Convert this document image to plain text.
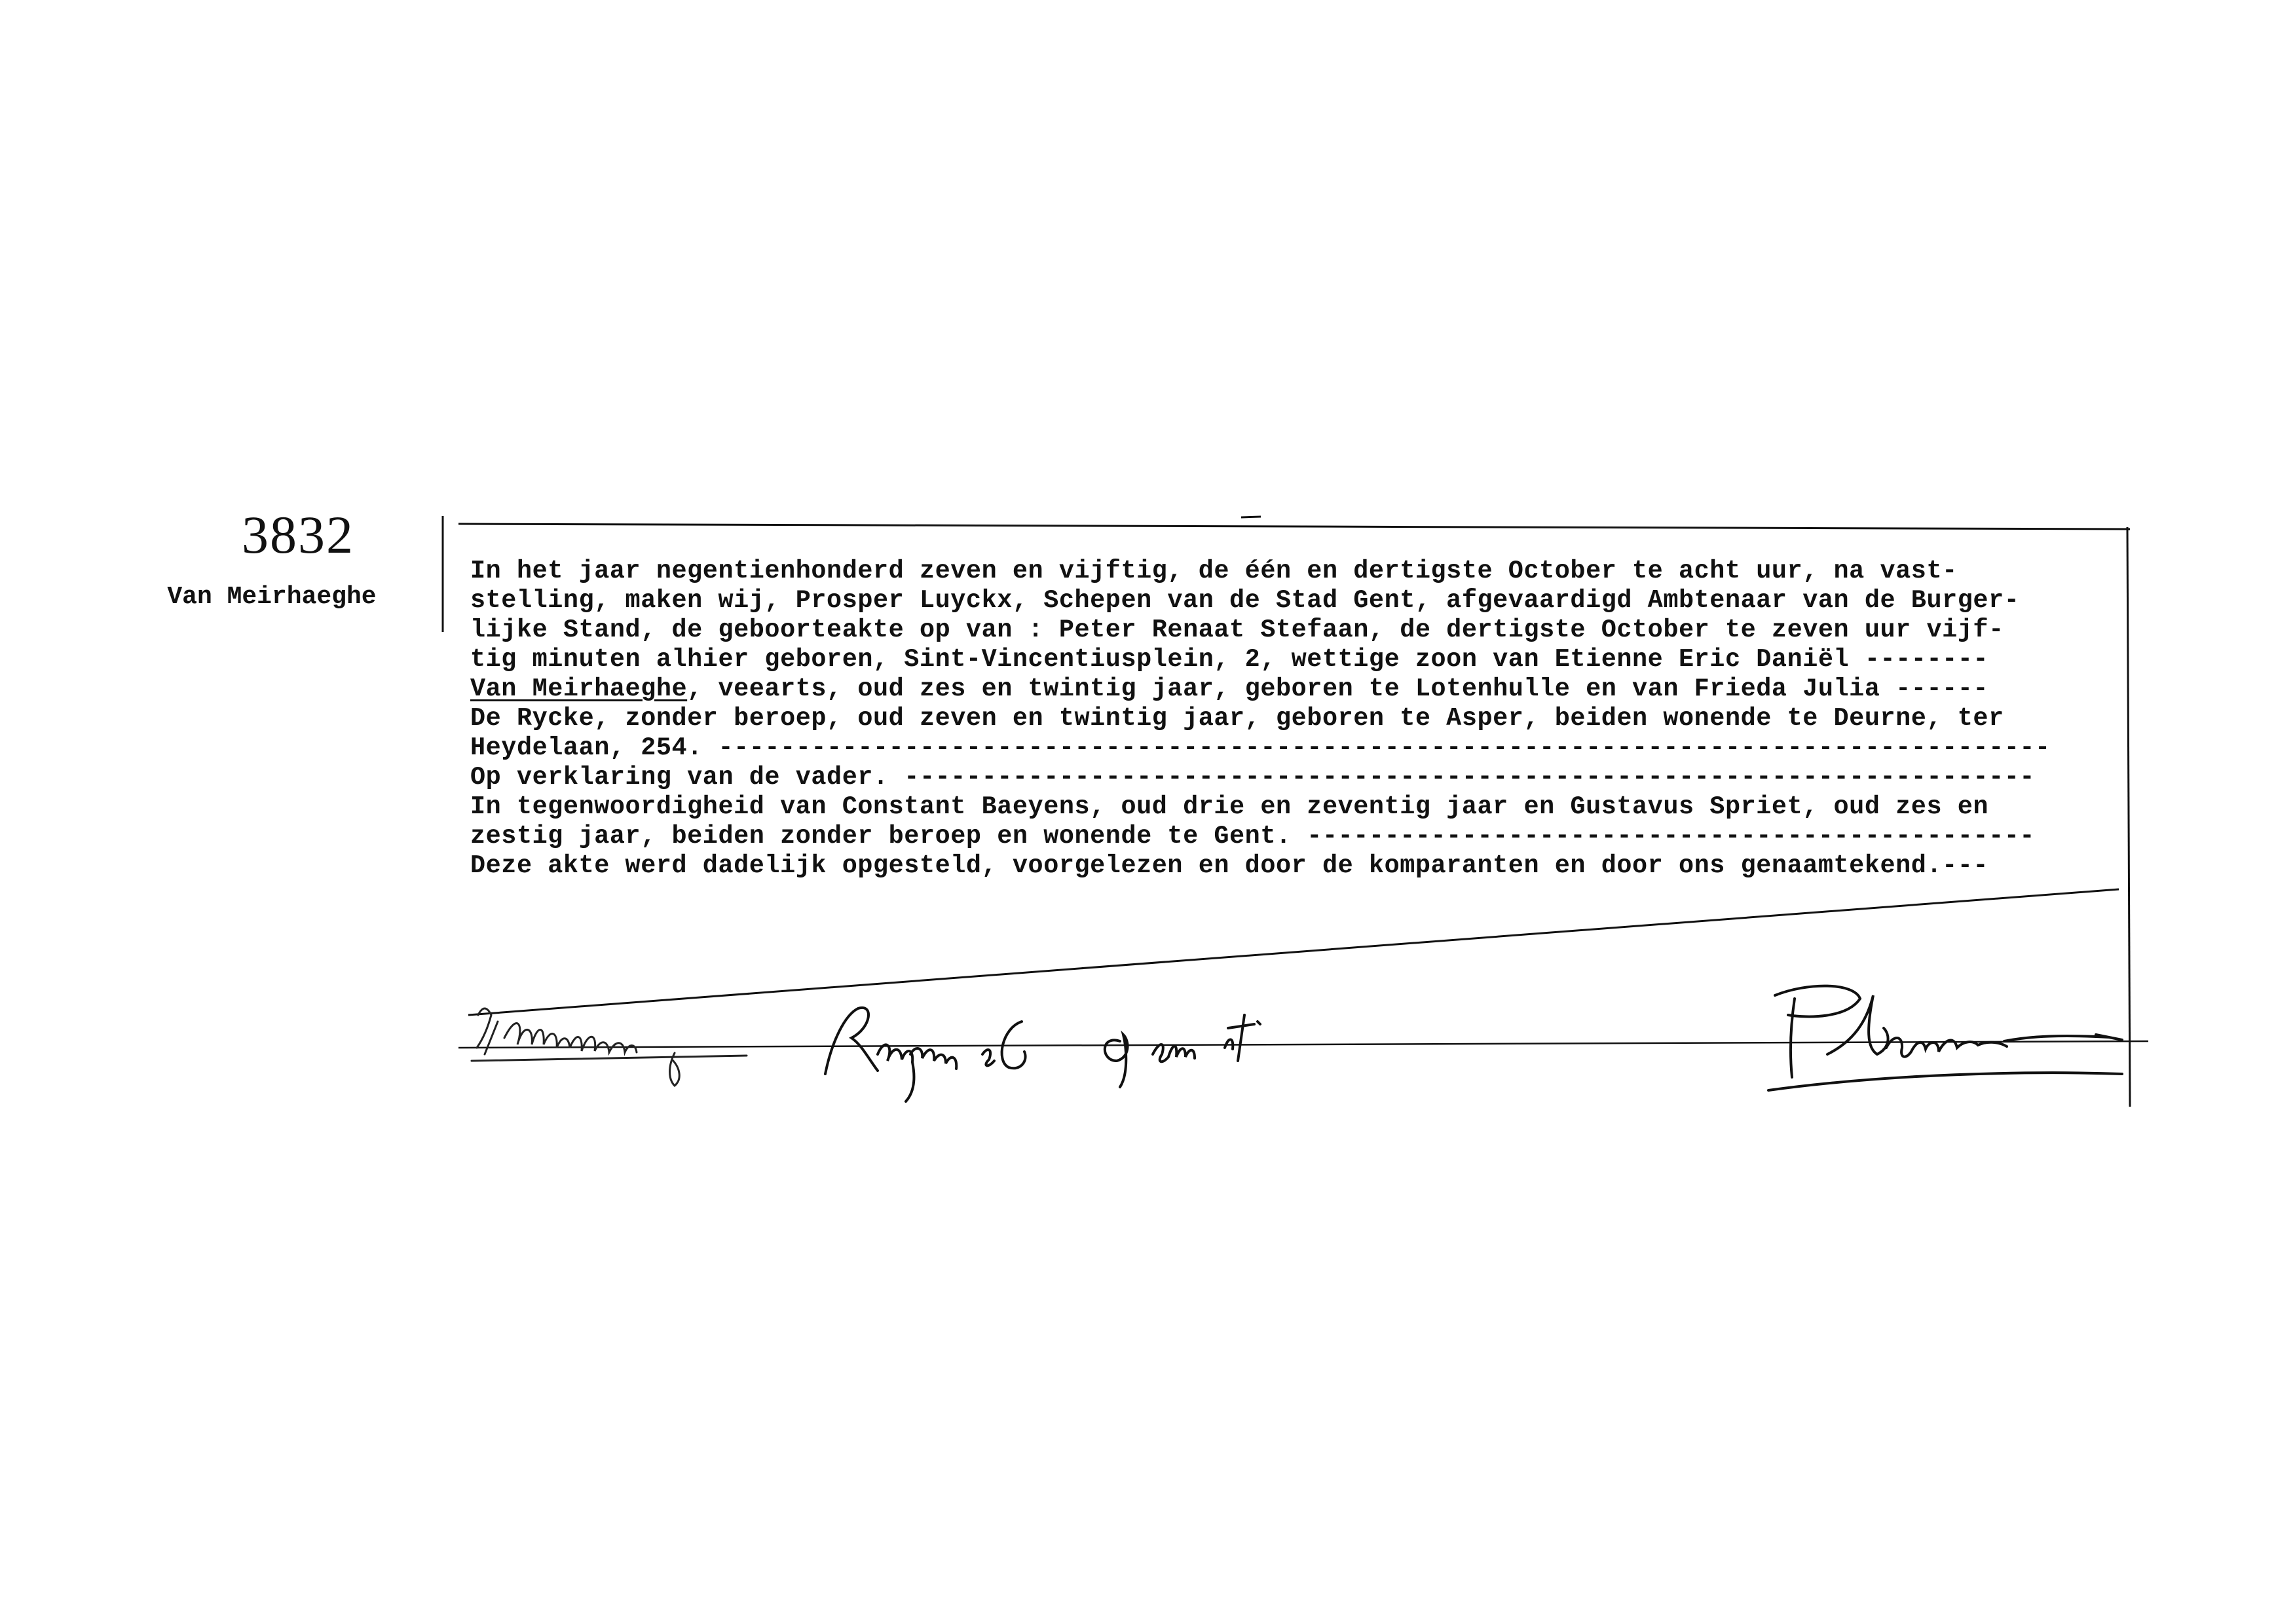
3832
Van Meirhaeghe
In het jaar negentienhonderd zeven en vijftig, de één en dertigste October te acht uur, na vast-
stelling, maken wij, Prosper Luyckx, Schepen van de Stad Gent, afgevaardigd Ambtenaar van de Burger-
lijke Stand, de geboorteakte op van : Peter Renaat Stefaan, de dertigste October te zeven uur vijf-
tig minuten alhier geboren, Sint-Vincentiusplein, 2, wettige zoon van Etienne Eric Daniël --------
Van Meirhaeghe, veearts, oud zes en twintig jaar, geboren te Lotenhulle en van Frieda Julia ------
De Rycke, zonder beroep, oud zeven en twintig jaar, geboren te Asper, beiden wonende te Deurne, ter
Heydelaan, 254. --------------------------------------------------------------------------------------
Op verklaring van de vader. -------------------------------------------------------------------------
In tegenwoordigheid van Constant Baeyens, oud drie en zeventig jaar en Gustavus Spriet, oud zes en
zestig jaar, beiden zonder beroep en wonende te Gent. -----------------------------------------------
Deze akte werd dadelijk opgesteld, voorgelezen en door de komparanten en door ons genaamtekend.---
